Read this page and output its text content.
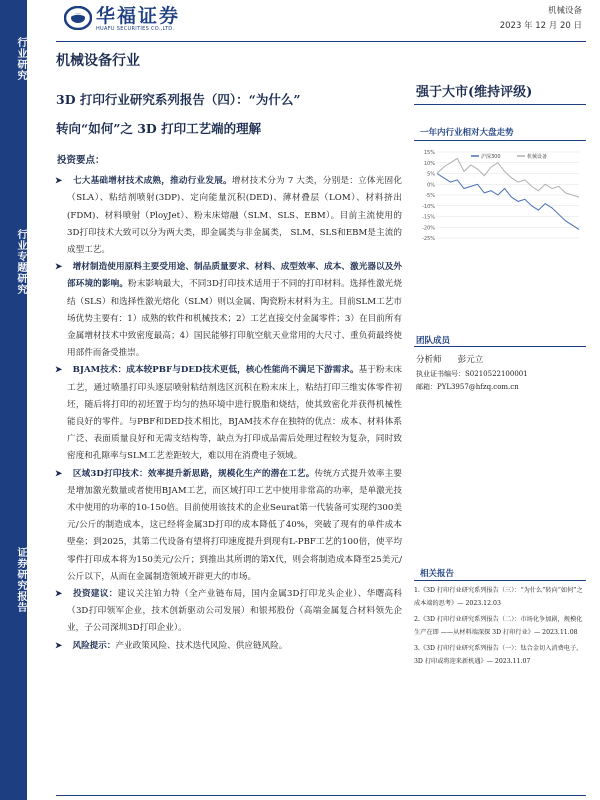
行业研究
行业专题研究
证券研究报告
华福证券
HUAFU SECURITIES CO.,LTD.
机械设备
2023 年 12 月 20 日
机械设备行业
3D 打印行业研究系列报告（四）：“为什么”
转向“如何”之 3D 打印工艺端的理解
强于大市(维持评级)

投资要点：

➤ 七大基础增材技术成熟，推动行业发展。增材技术分为 7 大类，分别是：立体光固化（SLA）、粘结剂喷射(3DP)、定向能量沉积(DED)、薄材叠层（LOM）、材料挤出(FDM)、材料喷射（PloyJet）、粉末床熔融（SLM、SLS、EBM）。目前主流使用的3D打印技术大致可以分为两大类，即金属类与非金属类， SLM、SLS和EBM是主流的成型工艺。

➤ 增材制造使用原料主要受用途、制品质量要求、材料、成型效率、成本、激光器以及外部环境的影响。粉末影响最大，不同3D打印技术适用于不同的打印材料。选择性激光烧结（SLS）和选择性激光熔化（SLM）则以金属、陶瓷粉末材料为主。目前SLM工艺市场优势主要有：1）成熟的软件和机械技术；2）工艺直接交付金属零件；3）在目前所有金属增材技术中致密度最高；4）国民能够打印航空航天业常用的大尺寸、重负荷最终使用部件而备受推崇。

➤ BJAM技术：成本较PBF与DED技术更低，核心性能尚不满足下游需求。基于粉末床工艺，通过喷墨打印头逐层喷射粘结剂选区沉积在粉末床上，粘结打印三维实体零件初坯，随后将打印的初坯置于均匀的热环境中进行脱脂和烧结，使其致密化并获得机械性能良好的零件。与PBF和DED技术相比，BJAM技术存在独特的优点：成本、材料体系广泛、表面质量良好和无需支结构等，缺点为打印成品需后处理过程较为复杂，同时致密度和孔隙率与SLM工艺差距较大，难以用在消费电子领域。

➤ 区域3D打印技术：效率提升新思路，规模化生产的潜在工艺。传统方式提升效率主要是增加激光数量或者使用BJAM工艺，而区域打印工艺中使用非常高的功率，是单激光技术中使用的功率的10-150倍。目前使用该技术的企业Seurat第一代装备可实现约300美元/公斤的制造成本，这已经将金属3D打印的成本降低了40%，突破了现有的单件成本壁垒；到2025，其第二代设备有望将打印速度提升到现有L-PBF工艺的100倍，使平均零件打印成本将为150美元/公斤；到推出其所谓的第X代，则会将制造成本降至25美元/公斤以下，从而在金属制造领域开辟更大的市场。

➤ 投资建议：建议关注铂力特（全产业链布局，国内金属3D打印龙头企业）、华曙高科（3D打印领军企业，技术创新驱动公司发展）和银邦股份（高端金属复合材料领先企业，子公司深圳3D打印企业）。

➤ 风险提示：产业政策风险、技术迭代风险、供应链风险。

一年内行业相对大盘走势
15%
10%
5%
0%
-5%
-10%
-15%
-20%
-25%
沪深300	机械设备
团队成员
分析师 彭元立
执业证书编号：S0210522100001
邮箱：PYL3957@hfzq.com.cn
相关报告

1.《3D 打印行业研究系列报告（三）：“为什么”转向“如何”之成本端的思考》— 2023.12.03

2.《3D 打印行业研究系列报告（二）：市场化争加剧，规模化生产在即 ——从材料端深探 3D 打印行业》— 2023.11.08

3.《3D 打印行业研究系列报告（一）：钛合金切入消费电子，3D 打印或将迎来新机遇》— 2023.11.07
